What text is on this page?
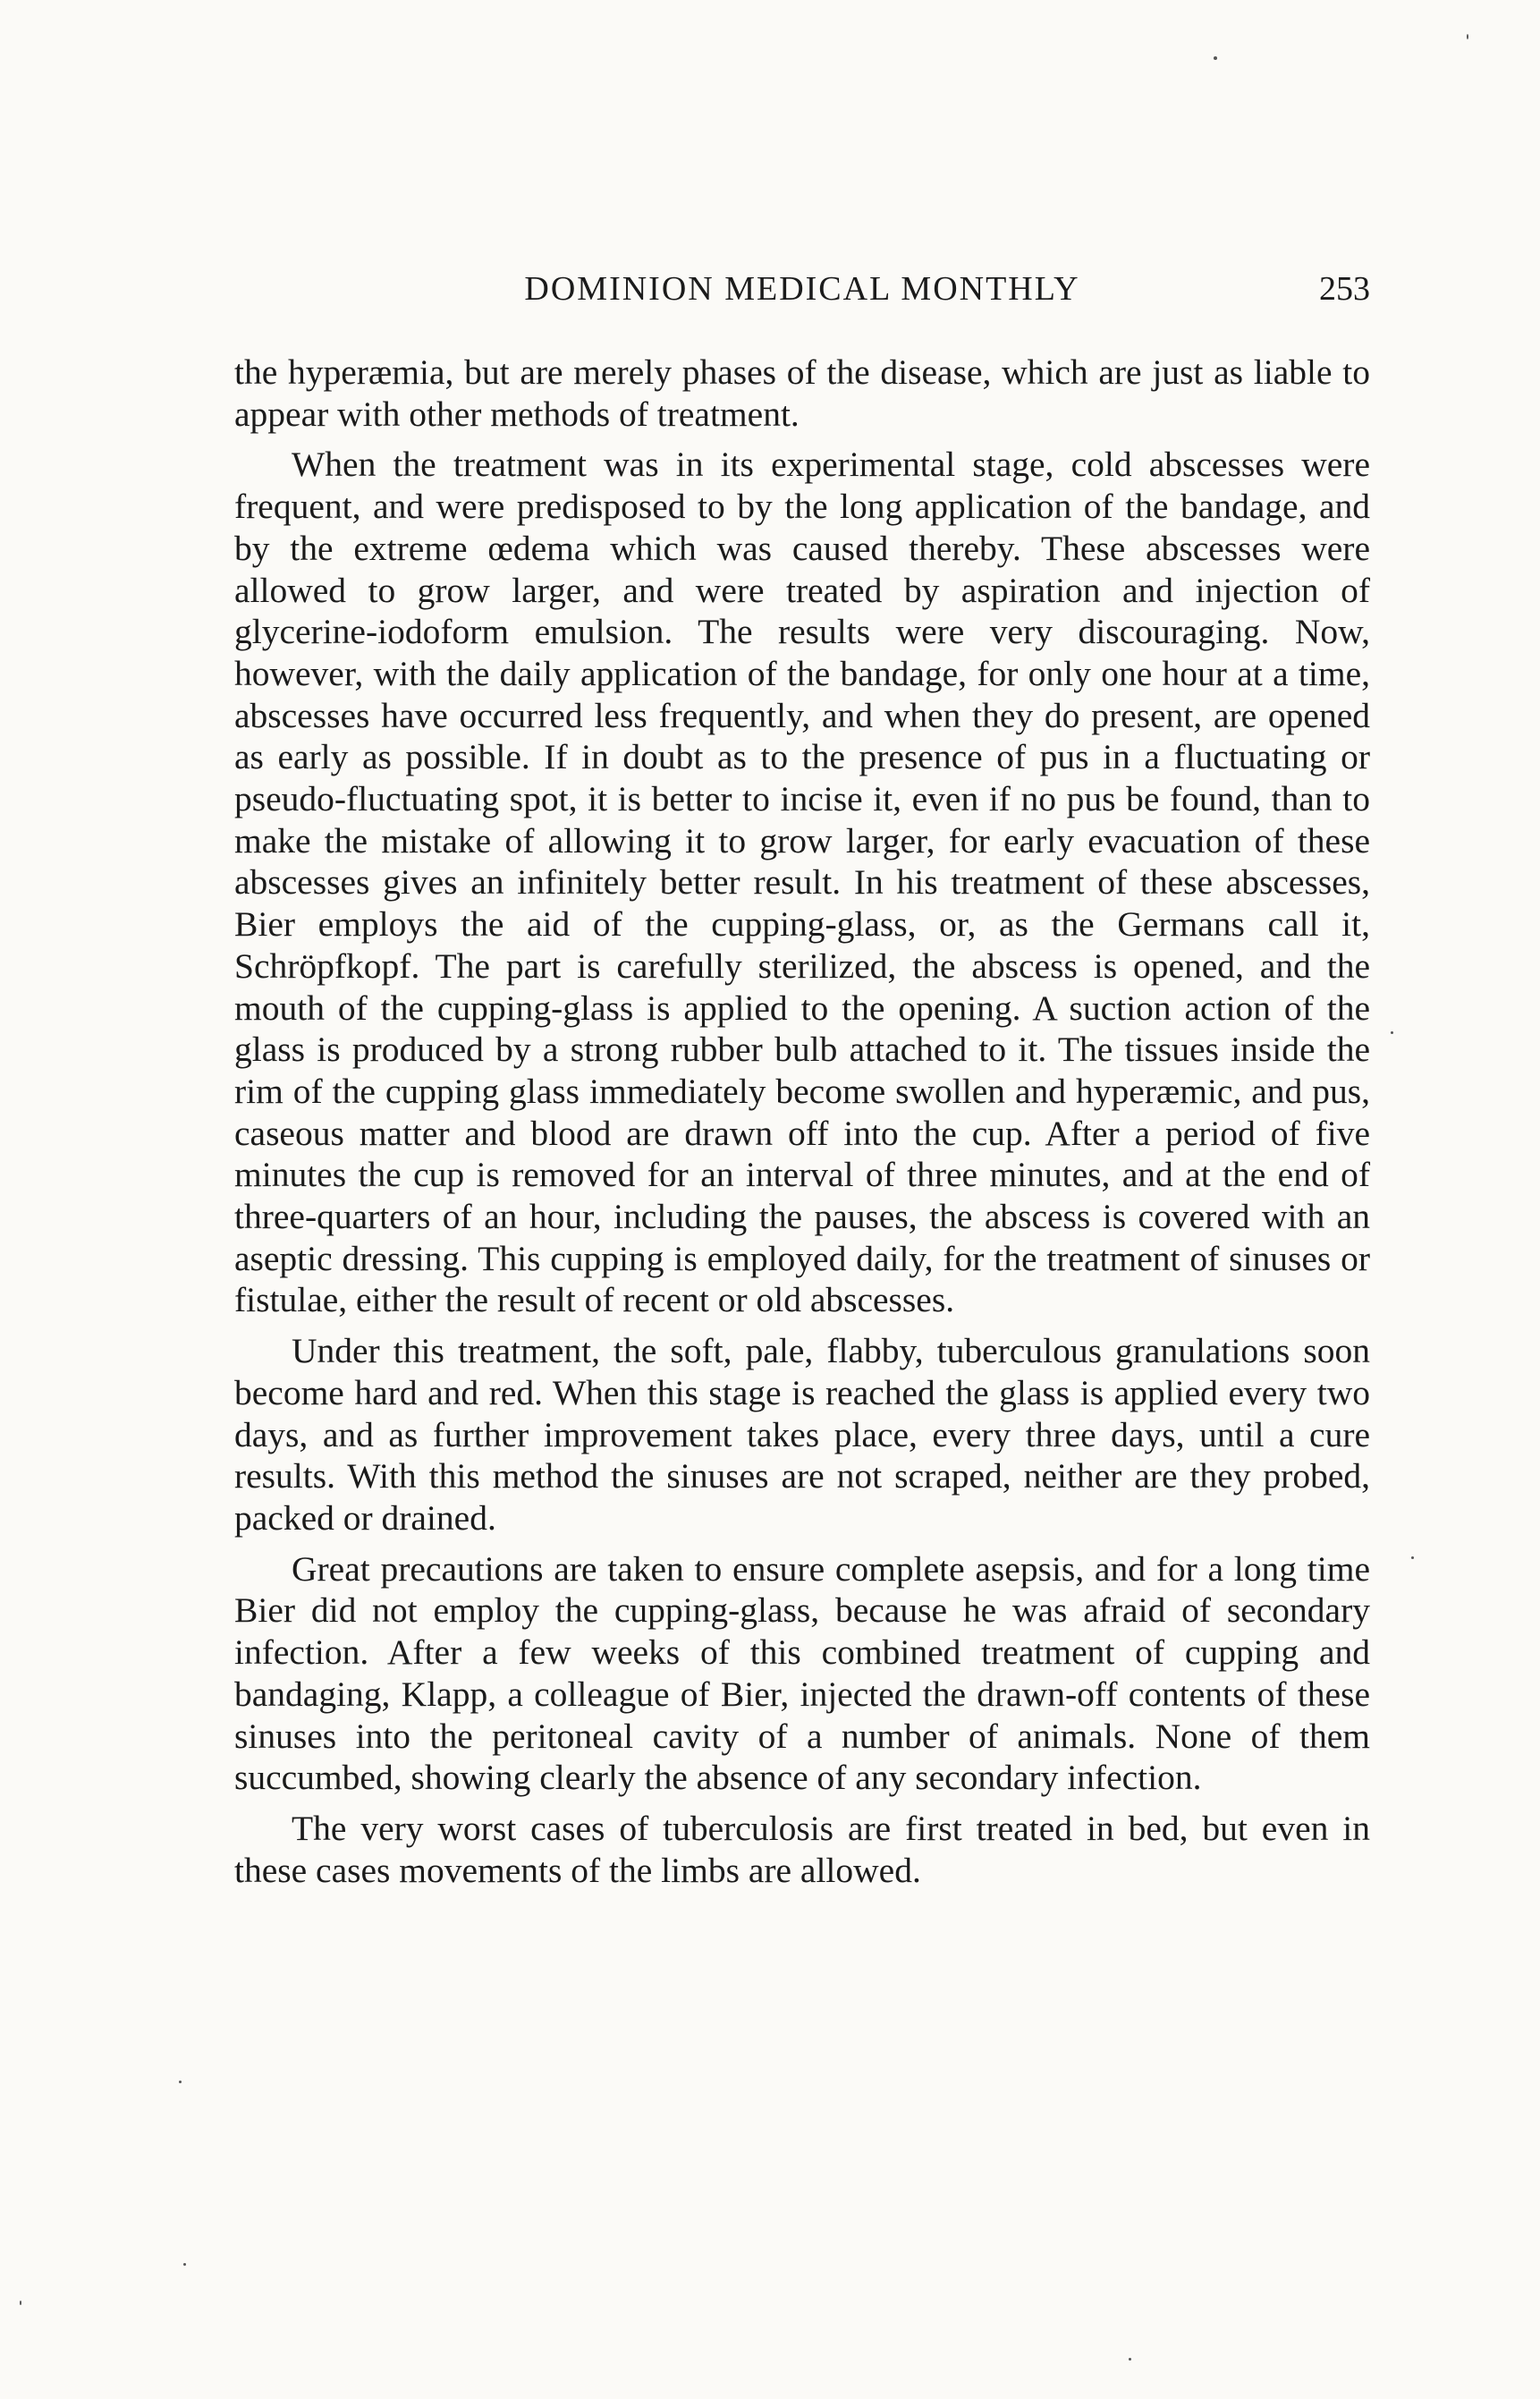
DOMINION MEDICAL MONTHLY	253

the hyperæmia, but are merely phases of the disease, which are just as liable to appear with other methods of treatment.

When the treatment was in its experimental stage, cold abscesses were frequent, and were predisposed to by the long application of the bandage, and by the extreme œdema which was caused thereby. These abscesses were allowed to grow larger, and were treated by aspiration and injection of glycerine-iodoform emulsion. The results were very discouraging. Now, however, with the daily application of the bandage, for only one hour at a time, abscesses have occurred less frequently, and when they do present, are opened as early as possible. If in doubt as to the presence of pus in a fluctuating or pseudo-fluctuating spot, it is better to incise it, even if no pus be found, than to make the mistake of allowing it to grow larger, for early evacuation of these abscesses gives an infinitely better result. In his treatment of these abscesses, Bier employs the aid of the cupping-glass, or, as the Germans call it, Schröpfkopf. The part is carefully sterilized, the abscess is opened, and the mouth of the cupping-glass is applied to the opening. A suction action of the glass is produced by a strong rubber bulb attached to it. The tissues inside the rim of the cupping glass immediately become swollen and hyperæmic, and pus, caseous matter and blood are drawn off into the cup. After a period of five minutes the cup is removed for an interval of three minutes, and at the end of three-quarters of an hour, including the pauses, the abscess is covered with an aseptic dressing. This cupping is employed daily, for the treatment of sinuses or fistulae, either the result of recent or old abscesses.

Under this treatment, the soft, pale, flabby, tuberculous granulations soon become hard and red. When this stage is reached the glass is applied every two days, and as further improvement takes place, every three days, until a cure results. With this method the sinuses are not scraped, neither are they probed, packed or drained.

Great precautions are taken to ensure complete asepsis, and for a long time Bier did not employ the cupping-glass, because he was afraid of secondary infection. After a few weeks of this combined treatment of cupping and bandaging, Klapp, a colleague of Bier, injected the drawn-off contents of these sinuses into the peritoneal cavity of a number of animals. None of them succumbed, showing clearly the absence of any secondary infection.

The very worst cases of tuberculosis are first treated in bed, but even in these cases movements of the limbs are allowed.
